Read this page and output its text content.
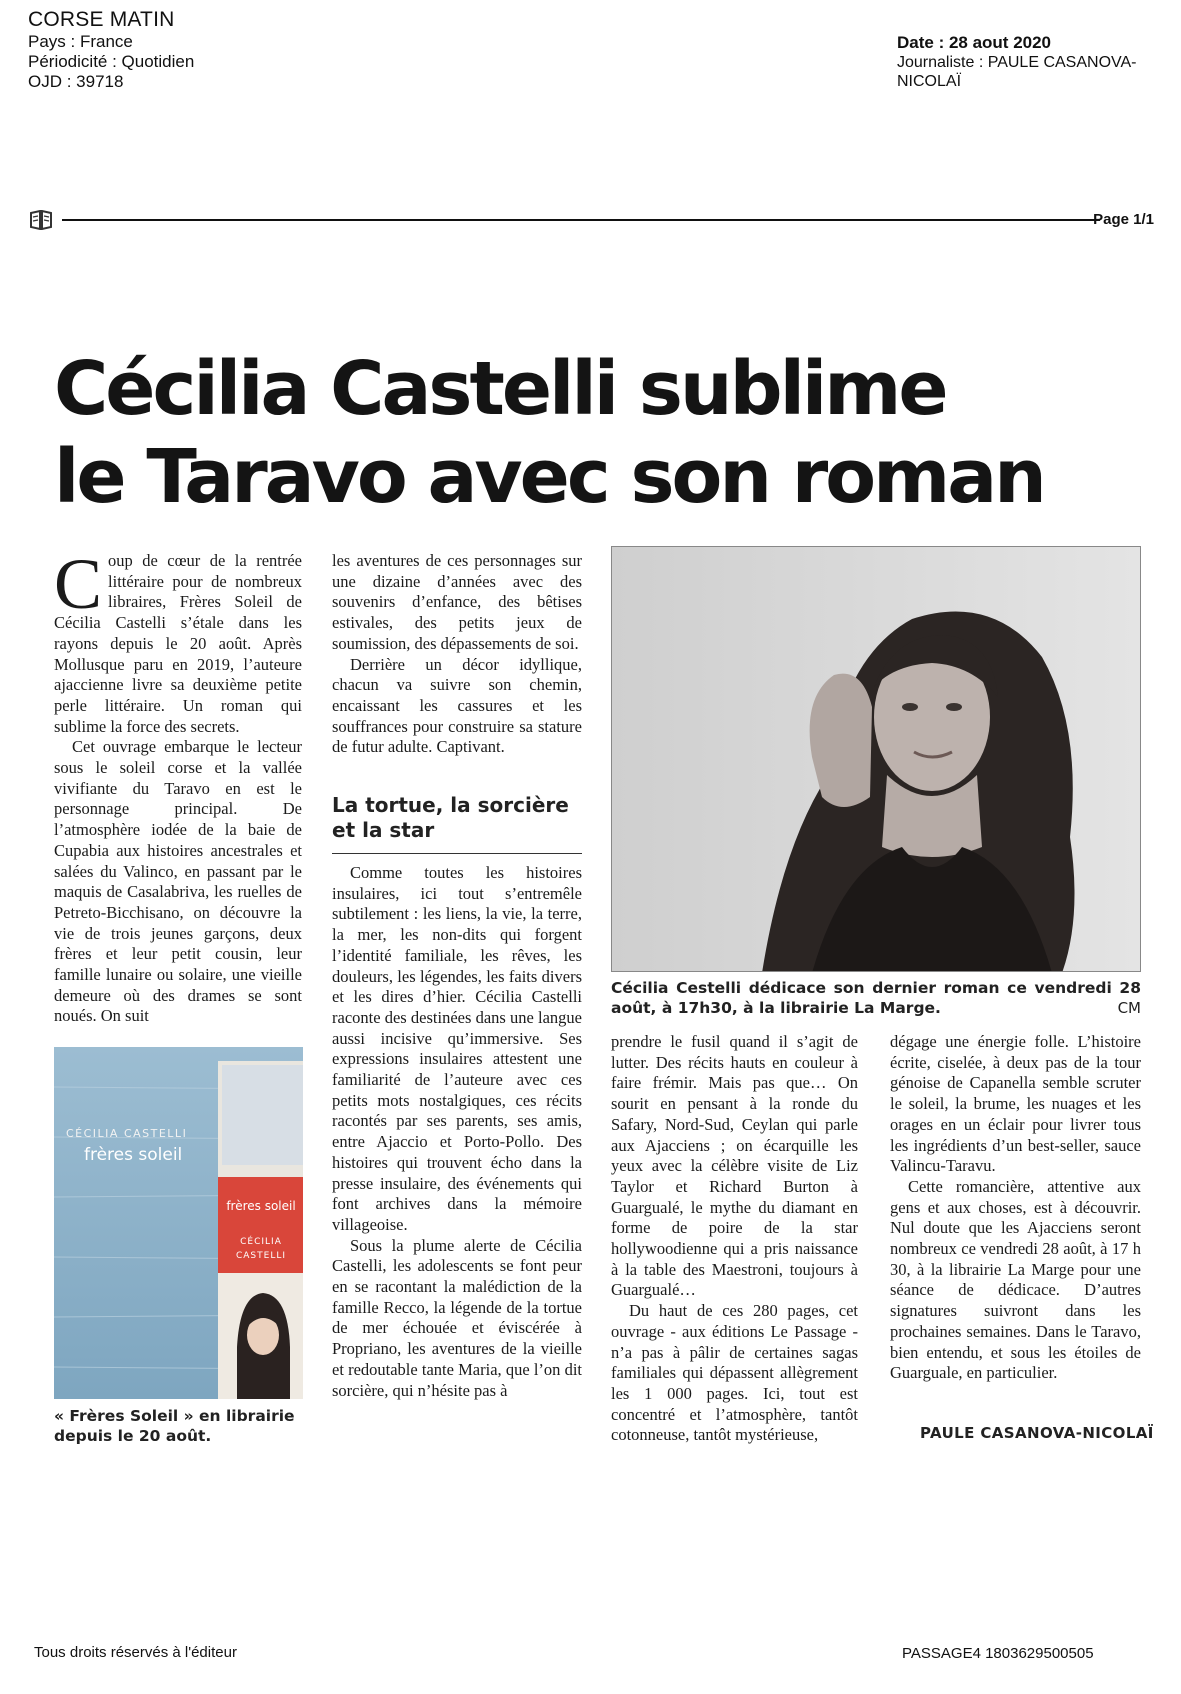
CORSE MATIN
Pays : France
Périodicité : Quotidien
OJD : 39718
Date : 28 aout 2020
Journaliste : PAULE CASANOVA-NICOLAÏ
Page 1/1
Cécilia Castelli sublime
le Taravo avec son roman
C oup de cœur de la rentrée littéraire pour de nombreux libraires, Frères Soleil de Cécilia Castelli s’étale dans les rayons depuis le 20 août. Après Mollusque paru en 2019, l’auteure ajaccienne livre sa deuxième petite perle littéraire. Un roman qui sublime la force des secrets.

Cet ouvrage embarque le lecteur sous le soleil corse et la vallée vivifiante du Taravo en est le personnage principal. De l’atmosphère iodée de la baie de Cupabia aux histoires ancestrales et salées du Valinco, en passant par le maquis de Casalabriva, les ruelles de Petreto-Bicchisano, on découvre la vie de trois jeunes garçons, deux frères et leur petit cousin, leur famille lunaire ou solaire, une vieille demeure où des drames se sont noués. On suit

CÉCILIA CASTELLI
frères soleil
frères soleil
CÉCILIA CASTELLI
« Frères Soleil » en librairie depuis le 20 août.

les aventures de ces personnages sur une dizaine d’années avec des souvenirs d’enfance, des bêtises estivales, des petits jeux de soumission, des dépassements de soi.

Derrière un décor idyllique, chacun va suivre son chemin, encaissant les cassures et les souffrances pour construire sa stature de futur adulte. Captivant.

La tortue, la sorcière et la star

Comme toutes les histoires insulaires, ici tout s’entremêle subtilement : les liens, la vie, la terre, la mer, les non-dits qui forgent l’identité familiale, les rêves, les douleurs, les légendes, les faits divers et les dires d’hier. Cécilia Castelli raconte des destinées dans une langue aussi incisive qu’immersive. Ses expressions insulaires attestent une familiarité de l’auteure avec ces petits mots nostalgiques, ces récits racontés par ses parents, ses amis, entre Ajaccio et Porto-Pollo. Des histoires qui trouvent écho dans la presse insulaire, des événements qui font archives dans la mémoire villageoise.

Sous la plume alerte de Cécilia Castelli, les adolescents se font peur en se racontant la malédiction de la famille Recco, la légende de la tortue de mer échouée et éviscérée à Propriano, les aventures de la vieille et redoutable tante Maria, que l’on dit sorcière, qui n’hésite pas à

Cécilia Cestelli dédicace son dernier roman ce vendredi 28 août, à 17h30, à la librairie La Marge.	CM

prendre le fusil quand il s’agit de lutter. Des récits hauts en couleur à faire frémir. Mais pas que… On sourit en pensant à la ronde du Safary, Nord-Sud, Ceylan qui parle aux Ajacciens ; on écarquille les yeux avec la célèbre visite de Liz Taylor et Richard Burton à Guargualé, le mythe du diamant en forme de poire de la star hollywoodienne qui a pris naissance à la table des Maestroni, toujours à Guargualé…

Du haut de ces 280 pages, cet ouvrage - aux éditions Le Passage - n’a pas à pâlir de certaines sagas familiales qui dépassent allègrement les 1 000 pages. Ici, tout est concentré et l’atmosphère, tantôt cotonneuse, tantôt mystérieuse,

dégage une énergie folle. L’histoire écrite, ciselée, à deux pas de la tour génoise de Capanella semble scruter le soleil, la brume, les nuages et les orages en un éclair pour livrer tous les ingrédients d’un best-seller, sauce Valincu-Taravu.

Cette romancière, attentive aux gens et aux choses, est à découvrir. Nul doute que les Ajacciens seront nombreux ce vendredi 28 août, à 17 h 30, à la librairie La Marge pour une séance de dédicace. D’autres signatures suivront dans les prochaines semaines. Dans le Taravo, bien entendu, et sous les étoiles de Guarguale, en particulier.

PAULE CASANOVA-NICOLAÏ
Tous droits réservés à l'éditeur	PASSAGE4 1803629500505
